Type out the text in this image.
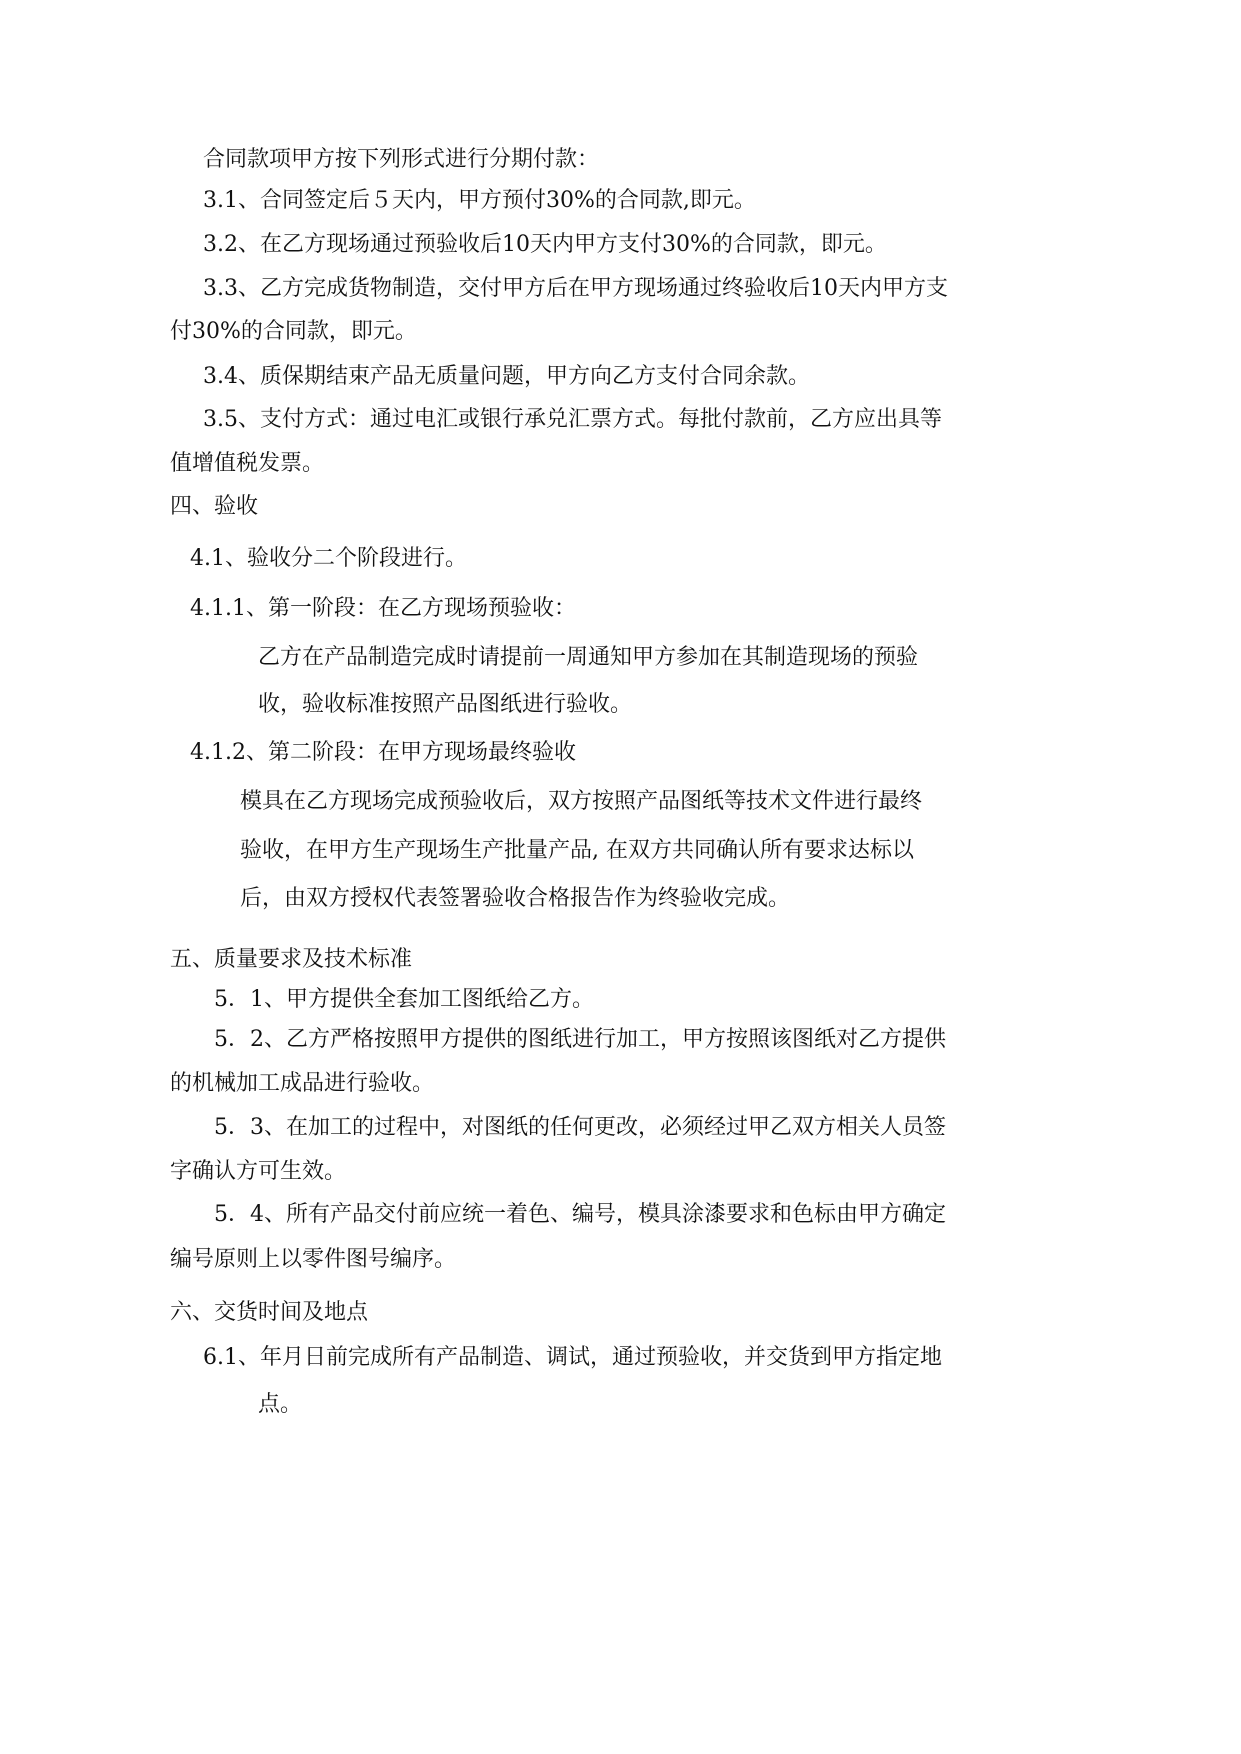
合同款项甲方按下列形式进行分期付款：
3.1、合同签定后５天内，甲方预付30%的合同款,即元。
3.2、在乙方现场通过预验收后10天内甲方支付30%的合同款，即元。
3.3、乙方完成货物制造，交付甲方后在甲方现场通过终验收后10天内甲方支
付30%的合同款，即元。
3.4、质保期结束产品无质量问题，甲方向乙方支付合同余款。
3.5、支付方式：通过电汇或银行承兑汇票方式。每批付款前，乙方应出具等
值增值税发票。
四、验收
4.1、验收分二个阶段进行。
4.1.1、第一阶段：在乙方现场预验收：
乙方在产品制造完成时请提前一周通知甲方参加在其制造现场的预验
收，验收标准按照产品图纸进行验收。
4.1.2、第二阶段：在甲方现场最终验收
模具在乙方现场完成预验收后，双方按照产品图纸等技术文件进行最终
验收，在甲方生产现场生产批量产品, 在双方共同确认所有要求达标以
后，由双方授权代表签署验收合格报告作为终验收完成。
五、质量要求及技术标准
5．1、甲方提供全套加工图纸给乙方。
5．2、乙方严格按照甲方提供的图纸进行加工，甲方按照该图纸对乙方提供
的机械加工成品进行验收。
5．3、在加工的过程中，对图纸的任何更改，必须经过甲乙双方相关人员签
字确认方可生效。
5．4、所有产品交付前应统一着色、编号，模具涂漆要求和色标由甲方确定
编号原则上以零件图号编序。
六、交货时间及地点
6.1、年月日前完成所有产品制造、调试，通过预验收，并交货到甲方指定地
点。
